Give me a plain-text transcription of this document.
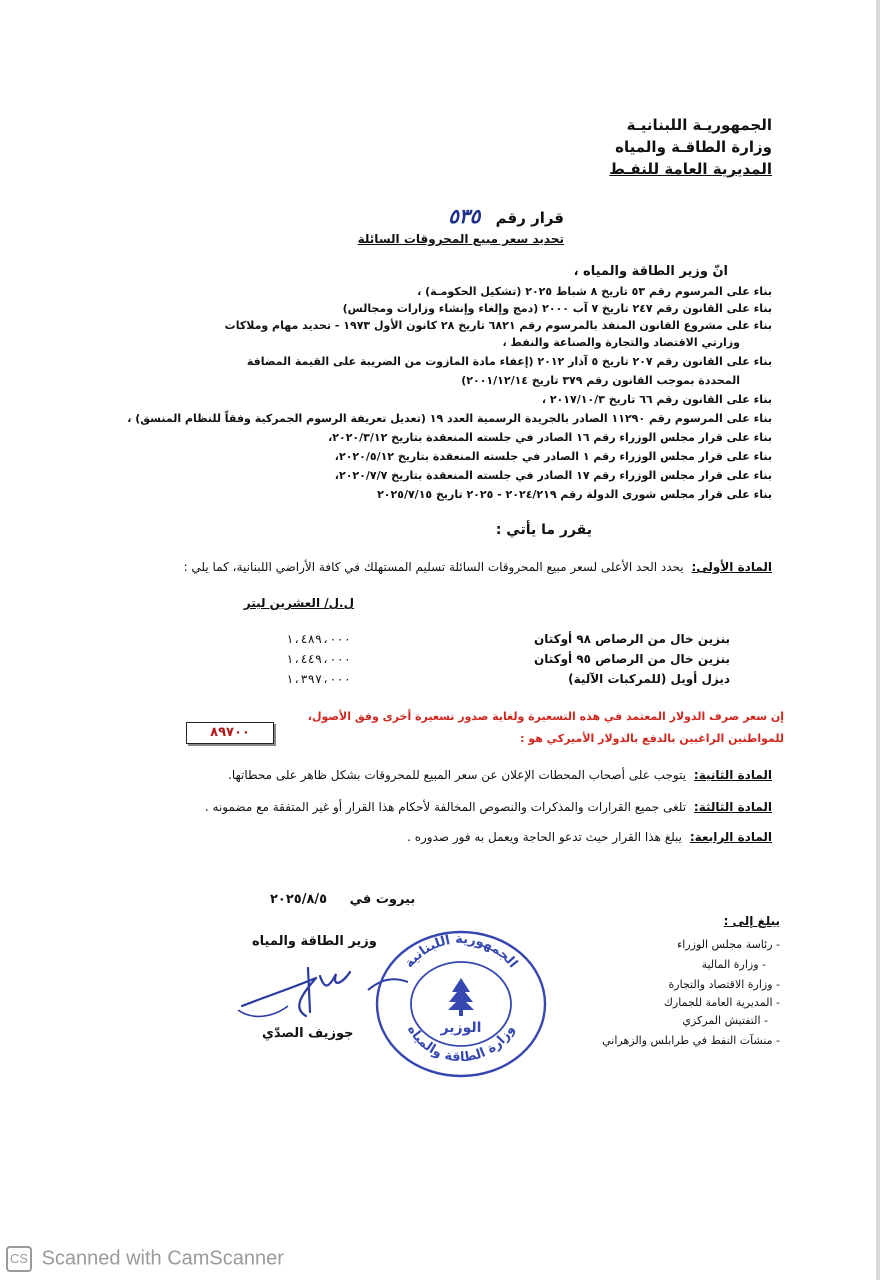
الجمهوريـة اللبنانيـة
وزارة الطاقـة والمياه
المديرية العامة للنفـط
قرار رقم ٥٣٥
تحديد سعر مبيع المحروقات السائلة
انّ وزير الطاقة والمياه ،
بناء على المرسوم رقم ٥٣ تاريخ ٨ شباط ٢٠٢٥ (تشكيل الحكومـة) ،
بناء على القانون رقم ٢٤٧ تاريخ ٧ آب ٢٠٠٠ (دمج وإلغاء وإنشاء وزارات ومجالس)
بناء على مشروع القانون المنفذ بالمرسوم رقم ٦٨٢١ تاريخ ٢٨ كانون الأول ١٩٧٣ - تحديد مهام وملاكات
وزارتي الاقتصاد والتجارة والصناعة والنفط ،
بناء على القانون رقم ٢٠٧ تاريخ ٥ آذار ٢٠١٢ (إعفاء مادة المازوت من الضريبة على القيمة المضافة
المحددة بموجب القانون رقم ٣٧٩ تاريخ ٢٠٠١/١٢/١٤)
بناء على القانون رقم ٦٦ تاريخ ٢٠١٧/١٠/٣ ،
بناء على المرسوم رقم ١١٢٩٠ الصادر بالجريدة الرسمية العدد ١٩ (تعديل تعريفة الرسوم الجمركية وفقاً للنظام المنسق) ،
بناء على قرار مجلس الوزراء رقم ١٦ الصادر في جلسته المنعقدة بتاريخ ٢٠٢٠/٣/١٢،
بناء على قرار مجلس الوزراء رقم ١ الصادر في جلسته المنعقدة بتاريخ ٢٠٢٠/٥/١٢،
بناء على قرار مجلس الوزراء رقم ١٧ الصادر في جلسته المنعقدة بتاريخ ٢٠٢٠/٧/٧،
بناء على قرار مجلس شورى الدولة رقم ٢٠٢٤/٢١٩ - ٢٠٢٥ تاريخ ٢٠٢٥/٧/١٥
يقرر ما يأتي :
المادة الأولى: يحدد الحد الأعلى لسعر مبيع المحروقات السائلة تسليم المستهلك في كافة الأراضي اللبنانية، كما يلي :
ل.ل/ العشرين ليتر
بنزين خال من الرصاص ٩٨ أوكتان
١،٤٨٩،٠٠٠
بنزين خال من الرصاص ٩٥ أوكتان
١،٤٤٩،٠٠٠
ديزل أويل (للمركبات الآلية)
١،٣٩٧،٠٠٠
إن سعر صرف الدولار المعتمد في هذه التسعيرة ولغاية صدور تسعيرة أخرى وفق الأصول،
للمواطنين الراغبين بالدفع بالدولار الأميركي هو :
٨٩٧٠٠
المادة الثانية: يتوجب على أصحاب المحطات الإعلان عن سعر المبيع للمحروقات بشكل ظاهر على محطاتها.
المادة الثالثة: تلغى جميع القرارات والمذكرات والنصوص المخالفة لأحكام هذا القرار أو غير المتفقة مع مضمونه .
المادة الرابعة: يبلغ هذا القرار حيث تدعو الحاجة ويعمل به فور صدوره .
بيروت في ٢٠٢٥/٨/٥
وزير الطاقة والمياه
جوزيف الصدّي
الجمهورية اللبنانية
وزارة الطاقة والمياه
الوزير
يبلغ إلى :
- رئاسة مجلس الوزراء
- وزارة المالية
- وزارة الاقتصاد والتجارة
- المديرية العامة للجمارك
- التفتيش المركزي
- منشآت النفط في طرابلس والزهراني
CS Scanned with CamScanner
